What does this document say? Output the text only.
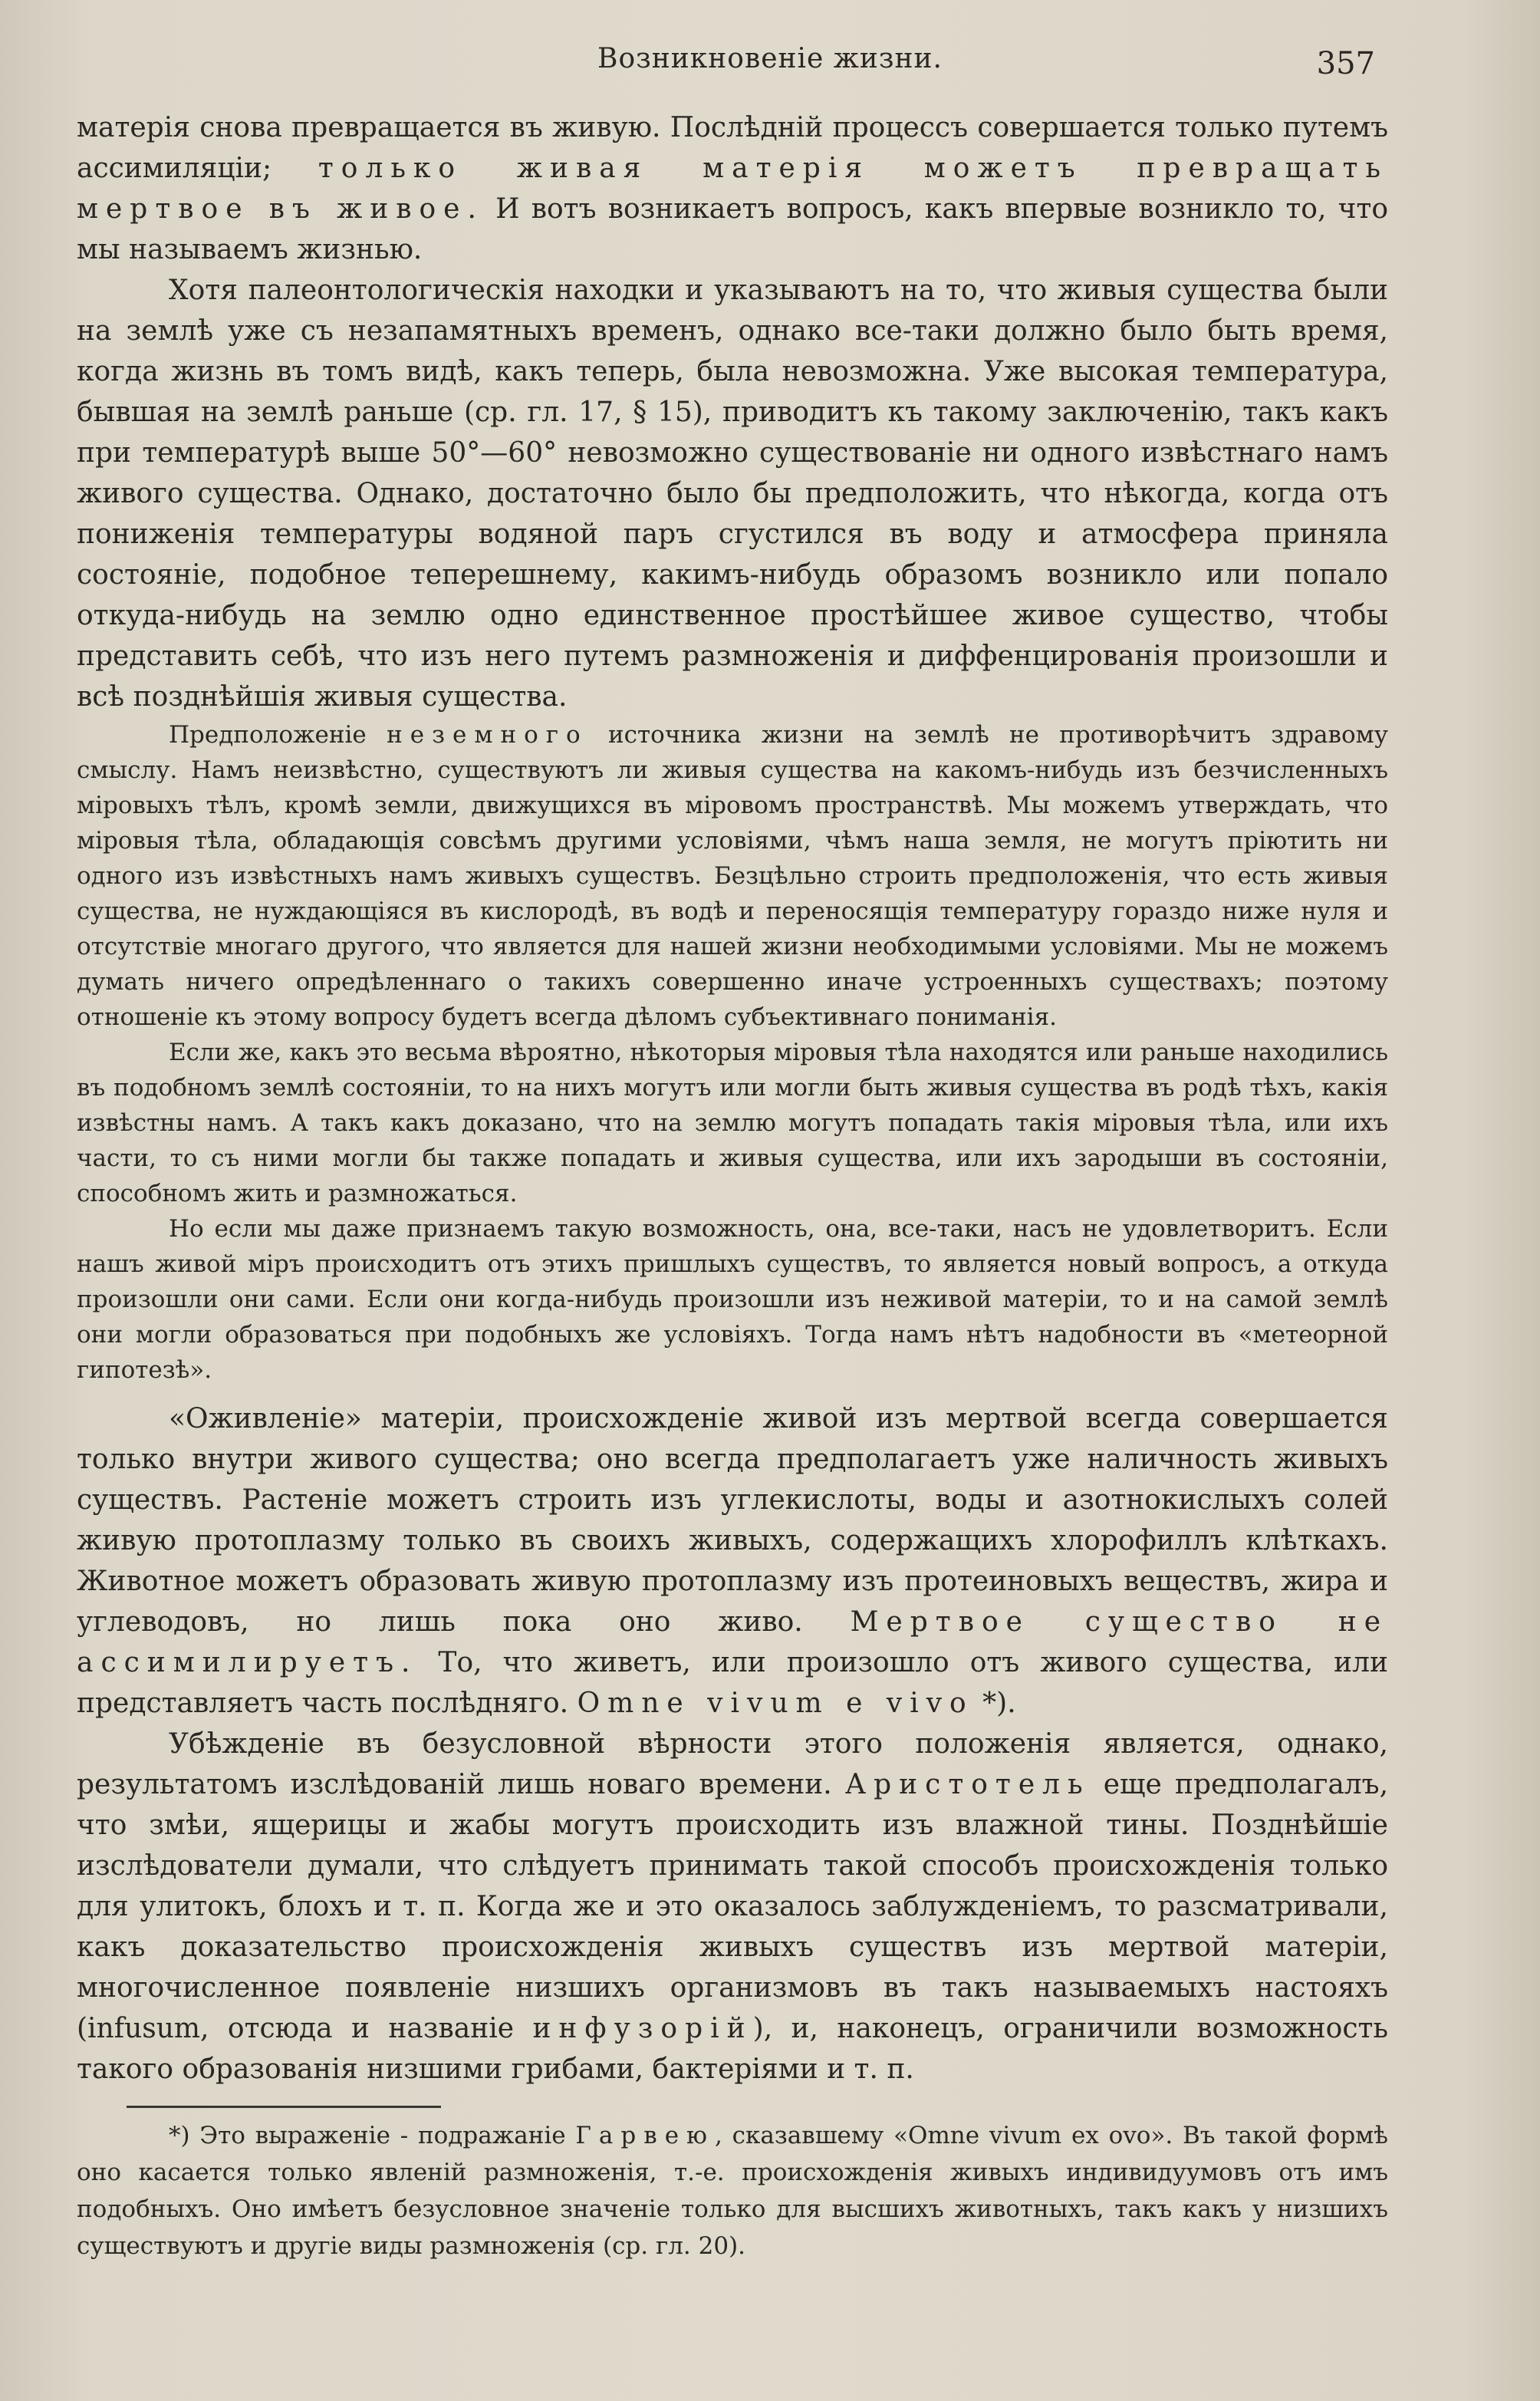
Возникновенiе жизни.	357

матерiя снова превращается въ живую. Послѣднiй процессъ совершается только путемъ ассимиляцiи; только живая матерiя можетъ превращать мертвое въ живое. И вотъ возникаетъ вопросъ, какъ впервые возникло то, что мы называемъ жизнью.

Хотя палеонтологическiя находки и указываютъ на то, что живыя существа были на землѣ уже съ незапамятныхъ временъ, однако все-таки должно было быть время, когда жизнь въ томъ видѣ, какъ теперь, была невозможна. Уже высокая температура, бывшая на землѣ раньше (ср. гл. 17, § 15), приводитъ къ такому заключенiю, такъ какъ при температурѣ выше 50°—60° невозможно существованiе ни одного извѣстнаго намъ живого существа. Однако, достаточно было бы предположить, что нѣкогда, когда отъ пониженiя температуры водяной паръ сгустился въ воду и атмосфера приняла состоянiе, подобное теперешнему, какимъ-нибудь образомъ возникло или попало откуда-нибудь на землю одно единственное простѣйшее живое существо, чтобы представить себѣ, что изъ него путемъ размноженiя и диффенцированiя произошли и всѣ позднѣйшiя живыя существа.

Предположенiе неземного источника жизни на землѣ не противорѣчитъ здравому смыслу. Намъ неизвѣстно, существуютъ ли живыя существа на какомъ-нибудь изъ безчисленныхъ мiровыхъ тѣлъ, кромѣ земли, движущихся въ мiровомъ пространствѣ. Мы можемъ утверждать, что мiровыя тѣла, обладающiя совсѣмъ другими условiями, чѣмъ наша земля, не могутъ прiютить ни одного изъ извѣстныхъ намъ живыхъ существъ. Безцѣльно строить предположенiя, что есть живыя существа, не нуждающiяся въ кислородѣ, въ водѣ и переносящiя температуру гораздо ниже нуля и отсутствiе многаго другого, что является для нашей жизни необходимыми условiями. Мы не можемъ думать ничего опредѣленнаго о такихъ совершенно иначе устроенныхъ существахъ; поэтому отношенiе къ этому вопросу будетъ всегда дѣломъ субъективнаго пониманiя.

Если же, какъ это весьма вѣроятно, нѣкоторыя мiровыя тѣла находятся или раньше находились въ подобномъ землѣ состоянiи, то на нихъ могутъ или могли быть живыя существа въ родѣ тѣхъ, какiя извѣстны намъ. А такъ какъ доказано, что на землю могутъ попадать такiя мiровыя тѣла, или ихъ части, то съ ними могли бы также попадать и живыя существа, или ихъ зародыши въ состоянiи, способномъ жить и размножаться.

Но если мы даже признаемъ такую возможность, она, все-таки, насъ не удовлетворитъ. Если нашъ живой мiръ происходитъ отъ этихъ пришлыхъ существъ, то является новый вопросъ, а откуда произошли они сами. Если они когда-нибудь произошли изъ неживой матерiи, то и на самой землѣ они могли образоваться при подобныхъ же условiяхъ. Тогда намъ нѣтъ надобности въ «метеорной гипотезѣ».

«Оживленiе» матерiи, происхожденiе живой изъ мертвой всегда совершается только внутри живого существа; оно всегда предполагаетъ уже наличность живыхъ существъ. Растенiе можетъ строить изъ углекислоты, воды и азотнокислыхъ солей живую протоплазму только въ своихъ живыхъ, содержащихъ хлорофиллъ клѣткахъ. Животное можетъ образовать живую протоплазму изъ протеиновыхъ веществъ, жира и углеводовъ, но лишь пока оно живо. Мертвое существо не ассимилируетъ. То, что живетъ, или произошло отъ живого существа, или представляетъ часть послѣдняго. Omne vivum e vivo *).

Убѣжденiе въ безусловной вѣрности этого положенiя является, однако, результатомъ изслѣдованiй лишь новаго времени. Аристотель еще предполагалъ, что змѣи, ящерицы и жабы могутъ происходить изъ влажной тины. Позднѣйшiе изслѣдователи думали, что слѣдуетъ принимать такой способъ происхожденiя только для улитокъ, блохъ и т. п. Когда же и это оказалось заблужденiемъ, то разсматривали, какъ доказательство происхожденiя живыхъ существъ изъ мертвой матерiи, многочисленное появленiе низшихъ организмовъ въ такъ называемыхъ настояхъ (infusum, отсюда и названiе инфузорiй), и, наконецъ, ограничили возможность такого образованiя низшими грибами, бактерiями и т. п.

*) Это выраженiе - подражанiе Гарвею, сказавшему «Omne vivum ex ovo». Въ такой формѣ оно касается только явленiй размноженiя, т.-е. происхожденiя живыхъ индивидуумовъ отъ имъ подобныхъ. Оно имѣетъ безусловное значенiе только для высшихъ животныхъ, такъ какъ у низшихъ существуютъ и другiе виды размноженiя (ср. гл. 20).
